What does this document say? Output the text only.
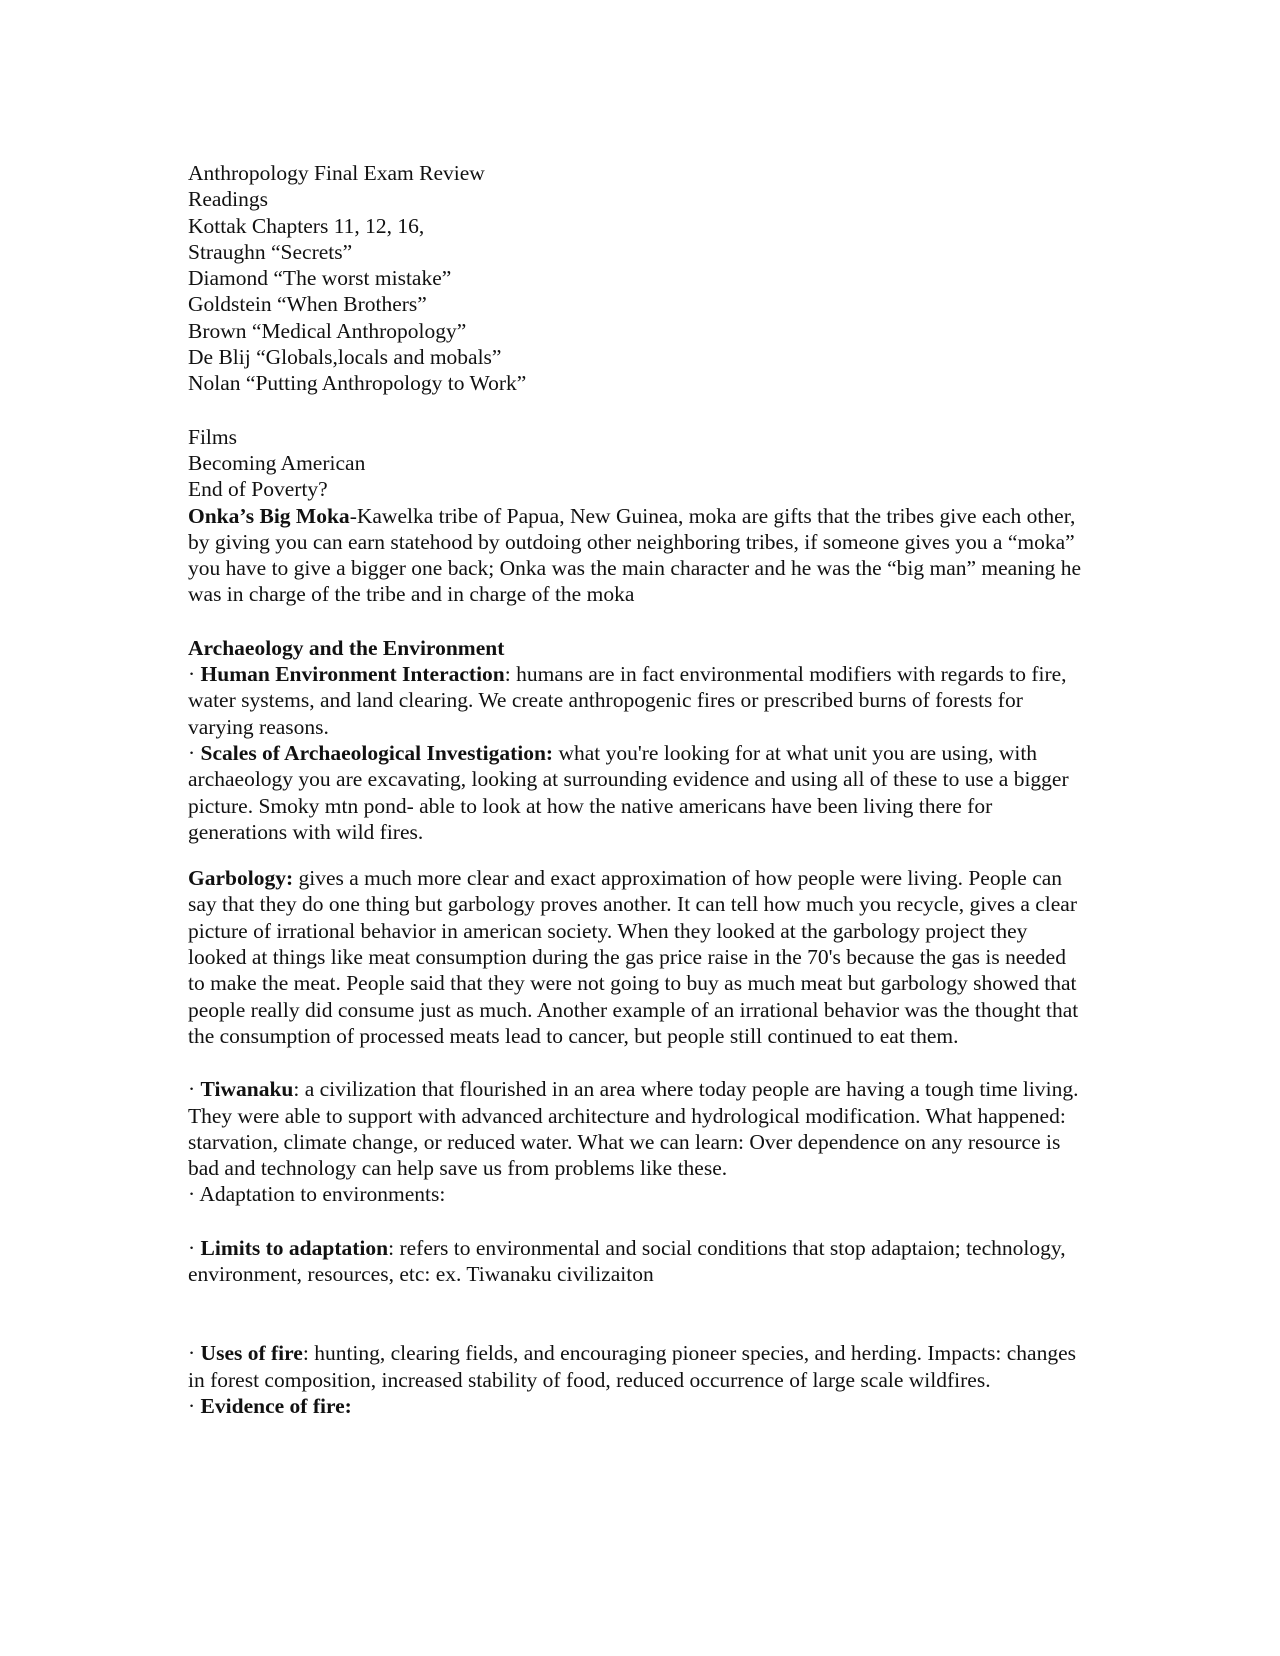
Anthropology Final Exam Review
Readings
Kottak Chapters 11, 12, 16,
Straughn “Secrets”
Diamond “The worst mistake”
Goldstein “When Brothers”
Brown “Medical Anthropology”
De Blij “Globals,locals and mobals”
Nolan “Putting Anthropology to Work”
Films
Becoming American
End of Poverty?
Onka’s Big Moka-Kawelka tribe of Papua, New Guinea, moka are gifts that the tribes give each other, by giving you can earn statehood by outdoing other neighboring tribes, if someone gives you a “moka” you have to give a bigger one back; Onka was the main character and he was the “big man” meaning he was in charge of the tribe and in charge of the moka
Archaeology and the Environment
· Human Environment Interaction: humans are in fact environmental modifiers with regards to fire, water systems, and land clearing. We create anthropogenic fires or prescribed burns of forests for varying reasons.
· Scales of Archaeological Investigation: what you're looking for at what unit you are using, with archaeology you are excavating, looking at surrounding evidence and using all of these to use a bigger picture. Smoky mtn pond- able to look at how the native americans have been living there for generations with wild fires.
Garbology: gives a much more clear and exact approximation of how people were living. People can say that they do one thing but garbology proves another. It can tell how much you recycle, gives a clear picture of irrational behavior in american society. When they looked at the garbology project they looked at things like meat consumption during the gas price raise in the 70's because the gas is needed to make the meat. People said that they were not going to buy as much meat but garbology showed that people really did consume just as much. Another example of an irrational behavior was the thought that the consumption of processed meats lead to cancer, but people still continued to eat them.
· Tiwanaku: a civilization that flourished in an area where today people are having a tough time living. They were able to support with advanced architecture and hydrological modification. What happened: starvation, climate change, or reduced water. What we can learn: Over dependence on any resource is bad and technology can help save us from problems like these.
· Adaptation to environments:
· Limits to adaptation: refers to environmental and social conditions that stop adaptaion; technology, environment, resources, etc: ex. Tiwanaku civilizaiton
· Uses of fire: hunting, clearing fields, and encouraging pioneer species, and herding. Impacts: changes in forest composition, increased stability of food, reduced occurrence of large scale wildfires.
· Evidence of fire:
